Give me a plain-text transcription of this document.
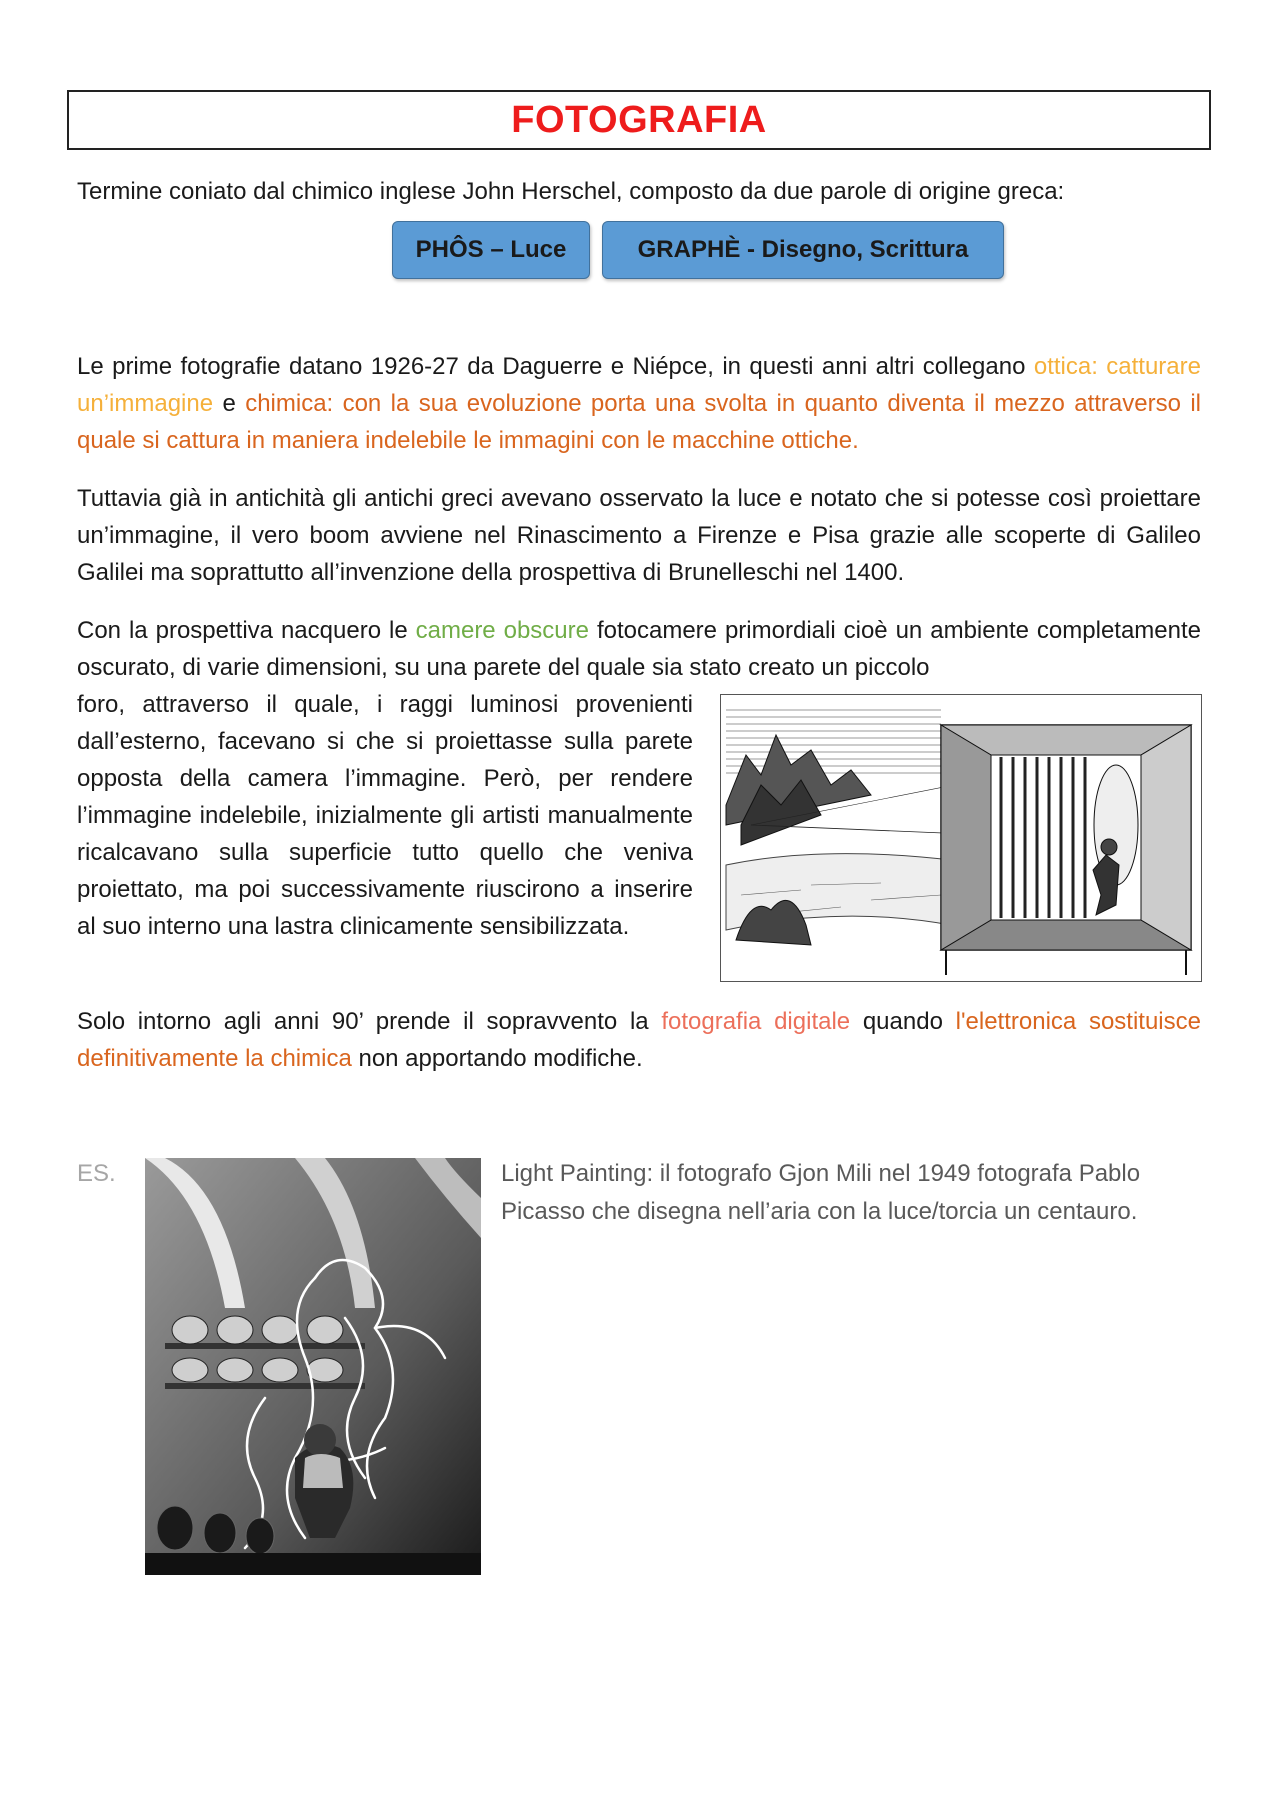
FOTOGRAFIA

Termine coniato dal chimico inglese John Herschel, composto da due parole di origine greca:

PHÔS – Luce	GRAPHÈ - Disegno, Scrittura

Le prime fotografie datano 1926-27 da Daguerre e Niépce, in questi anni altri collegano ottica: catturare un’immagine e chimica: con la sua evoluzione porta una svolta in quanto diventa il mezzo attraverso il quale si cattura in maniera indelebile le immagini con le macchine ottiche.

Tuttavia già in antichità gli antichi greci avevano osservato la luce e notato che si potesse così proiettare un’immagine, il vero boom avviene nel Rinascimento a Firenze e Pisa grazie alle scoperte di Galileo Galilei ma soprattutto all’invenzione della prospettiva di Brunelleschi nel 1400.

Con la prospettiva nacquero le camere obscure fotocamere primordiali cioè un ambiente completamente oscurato, di varie dimensioni, su una parete del quale sia stato creato un piccolo

foro, attraverso il quale, i raggi luminosi provenienti dall’esterno, facevano si che si proiettasse sulla parete opposta della camera l’immagine. Però, per rendere l’immagine indelebile, inizialmente gli artisti manualmente ricalcavano sulla superficie tutto quello che veniva proiettato, ma poi successivamente riuscirono a inserire al suo interno una lastra clinicamente sensibilizzata.

Solo intorno agli anni 90’ prende il sopravvento la fotografia digitale quando l'elettronica sostituisce definitivamente la chimica non apportando modifiche.

ES.	Light Painting: il fotografo Gjon Mili nel 1949 fotografa Pablo Picasso che disegna nell’aria con la luce/torcia un centauro.
